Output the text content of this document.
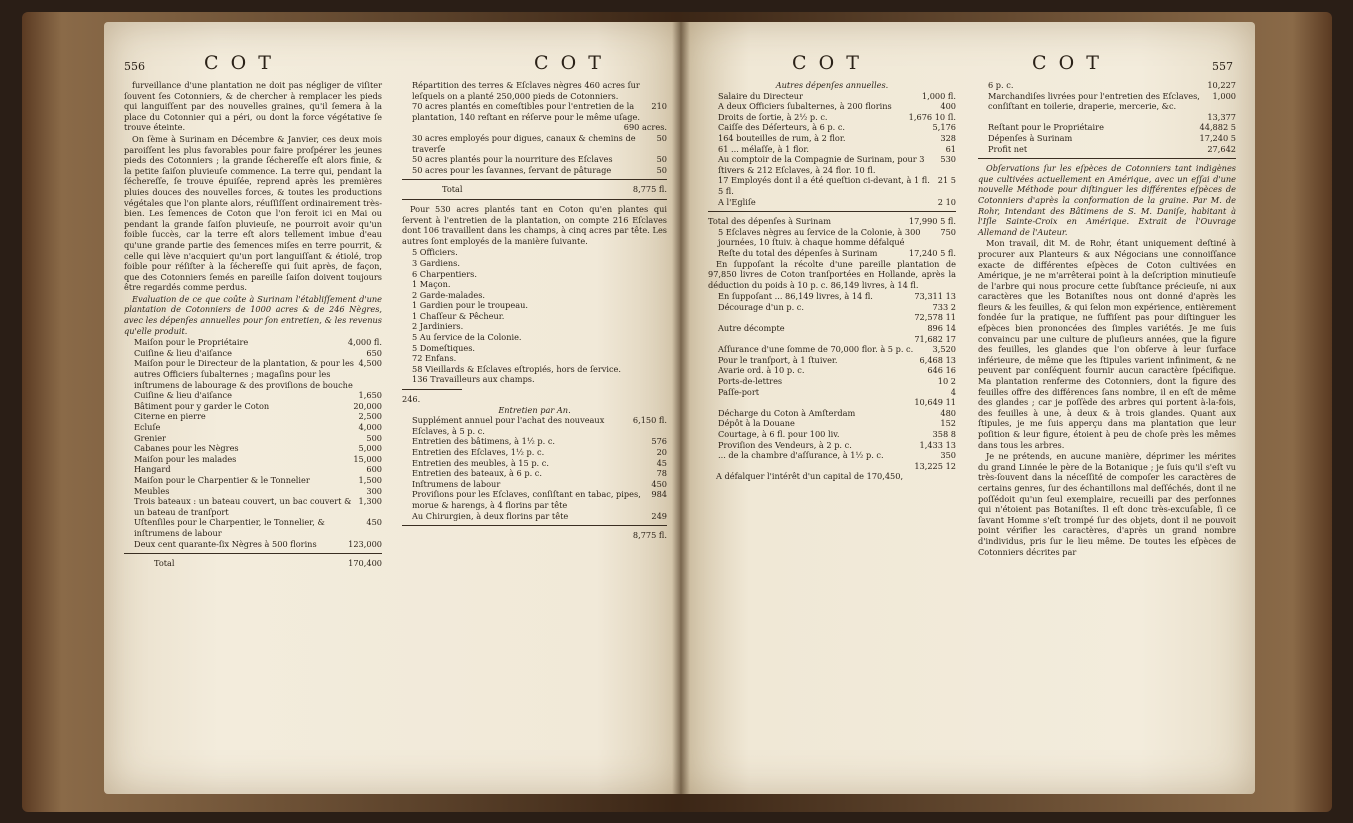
556	C O T	C O T

furveillance d'une plantation ne doit pas négliger de viſiter ſouvent ſes Cotonniers, & de chercher à remplacer les pieds qui languiſſent par des nouvelles graines, qu'il ſemera à la place du Cotonnier qui a péri, ou dont la force végétative ſe trouve éteinte.

On ſème à Surinam en Décembre & Janvier, ces deux mois paroiſſent les plus favorables pour faire proſpérer les jeunes pieds des Cotonniers ; la grande ſéchereſſe eſt alors finie, & la petite ſaiſon pluvieuſe commence. La terre qui, pendant la ſéchereſſe, ſe trouve épuiſée, reprend après les premières pluies douces des nouvelles forces, & toutes les productions végétales que l'on plante alors, réuſſiſſent ordinairement très-bien. Les ſemences de Coton que l'on feroit ici en Mai ou pendant la grande ſaiſon pluvieuſe, ne pourroit avoir qu'un foible ſuccès, car la terre eſt alors tellement imbue d'eau qu'une grande partie des ſemences miſes en terre pourrit, & celle qui lève n'acquiert qu'un port languiſſant & étiolé, trop foible pour réſiſter à la ſéchereſſe qui ſuit après, de façon, que des Cotonniers ſemés en pareille ſaiſon doivent toujours être regardés comme perdus.

Evaluation de ce que coûte à Surinam l'établiſſement d'une plantation de Cotonniers de 1000 acres & de 246 Nègres, avec les dépenſes annuelles pour ſon entretien, & les revenus qu'elle produit.

Maiſon pour le Propriétaire	4,000 fl.
Cuiſine & lieu d'aiſance	650
Maiſon pour le Directeur de la plantation, & pour les autres Officiers ſubalternes ; magaſins pour les inſtrumens de labourage & des proviſions de bouche
4,500
Cuiſine & lieu d'aiſance	1,650
Bâtiment pour y garder le Coton	20,000
Citerne en pierre	2,500
Ecluſe	4,000
Grenier	500
Cabanes pour les Nègres	5,000
Maiſon pour les malades	15,000
Hangard	600
Maiſon pour le Charpentier & le Tonnelier	1,500
Meubles	300
Trois bateaux : un bateau couvert, un bac couvert & un bateau de tranſport
1,300
Uſtenſiles pour le Charpentier, le Tonnelier, & inſtrumens de labour
450
Deux cent quarante-ſix Nègres à 500 florins	123,000
Total	170,400
Répartition des terres & Eſclaves nègres 460 acres ſur leſquels on a planté 250,000 pieds de Cotonniers.
70 acres plantés en comeſtibles pour l'entretien de la plantation, 140 reſtant en réſerve pour le même uſage.
210
690 acres.
30 acres employés pour digues, canaux & chemins de traverſe
50
50 acres plantés pour la nourriture des Eſclaves	50
50 acres pour les ſavannes, ſervant de pâturage	50
Total	8,775 fl.

Pour 530 acres plantés tant en Coton qu'en plantes qui ſervent à l'entretien de la plantation, on compte 216 Eſclaves dont 106 travaillent dans les champs, à cinq acres par tête. Les autres ſont employés de la manière ſuivante.

5 Officiers.
3 Gardiens.
6 Charpentiers.
1 Maçon.
2 Garde-malades.
1 Gardien pour le troupeau.
1 Chaſſeur & Pêcheur.
2 Jardiniers.
5 Au ſervice de la Colonie.
5 Domeſtiques.
72 Enfans.
58 Vieillards & Eſclaves eſtropiés, hors de ſervice.
136 Travailleurs aux champs.
246.
Entretien par An.
Supplément annuel pour l'achat des nouveaux Eſclaves, à 5 p. c.
6,150 fl.
Entretien des bâtimens, à 1½ p. c.	576
Entretien des Eſclaves, 1½ p. c.	20
Entretien des meubles, à 15 p. c.	45
Entretien des bateaux, à 6 p. c.	78
Inſtrumens de labour	450
Proviſions pour les Eſclaves, conſiſtant en tabac, pipes, morue & harengs, à 4 florins par tête
984
Au Chirurgien, à deux florins par tête	249
8,775 fl.
C O T	C O T	557
Autres dépenſes annuelles.
Salaire du Directeur	1,000 fl.
A deux Officiers ſubalternes, à 200 florins	400
Droits de ſortie, à 2½ p. c.	1,676 10 ſl.
Caiſſe des Déſerteurs, à 6 p. c.	5,176
164 bouteilles de rum, à 2 flor.	328
61 ... mélaſſe, à 1 flor.	61
Au comptoir de la Compagnie de Surinam, pour 3 ſtivers & 212 Eſclaves, à 24 flor. 10 fl.
530
17 Employés dont il a été queſtion ci-devant, à 1 fl. 5 fl.
21 5
A l'Egliſe	2 10
Total des dépenſes à Surinam	17,990 5 fl.
5 Eſclaves nègres au ſervice de la Colonie, à 300 journées, 10 ſtuiv. à chaque homme défalqué
750
Reſte du total des dépenſes à Surinam	17,240 5 fl.

En ſuppoſant la récolte d'une pareille plantation de 97,850 livres de Coton tranſportées en Hollande, après la déduction du poids à 10 p. c. 86,149 livres, à 14 fl.

En ſuppoſant ... 86,149 livres, à 14 fl.	73,311 13
Décourage d'un p. c.	733 2
72,578 11
Autre décompte	896 14
71,682 17
Aſſurance d'une ſomme de 70,000 flor. à 5 p. c.	3,520
Pour le tranſport, à 1 ſtuiver.	6,468 13
Avarie ord. à 10 p. c.	646 16
Ports-de-lettres	10 2
Paſſe-port	4
10,649 11
Décharge du Coton à Amſterdam	480
Dépôt à la Douane	152
Courtage, à 6 fl. pour 100 liv.	358 8
Proviſion des Vendeurs, à 2 p. c.	1,433 13
... de la chambre d'aſſurance, à 1½ p. c.	350
13,225 12

A défalquer l'intérêt d'un capital de 170,450,

6 p. c.	10,227
Marchandiſes livrées pour l'entretien des Eſclaves, conſiſtant en toilerie, draperie, mercerie, &c.
1,000
13,377
Reſtant pour le Propriétaire	44,882 5
Dépenſes à Surinam	17,240 5
Profit net	27,642

Obſervations ſur les eſpèces de Cotonniers tant indigènes que cultivées actuellement en Amérique, avec un eſſai d'une nouvelle Méthode pour diſtinguer les différentes eſpèces de Cotonniers d'après la conformation de la graine. Par M. de Rohr, Intendant des Bâtimens de S. M. Daniſe, habitant à l'Iſle Sainte-Croix en Amérique. Extrait de l'Ouvrage Allemand de l'Auteur.

Mon travail, dit M. de Rohr, étant uniquement deſtiné à procurer aux Planteurs & aux Négocians une connoiſſance exacte de différentes eſpèces de Coton cultivées en Amérique, je ne m'arrêterai point à la deſcription minutieuſe de l'arbre qui nous procure cette ſubſtance précieuſe, ni aux caractères que les Botaniſtes nous ont donné d'après les fleurs & les feuilles, & qui ſelon mon expérience, entièrement fondée ſur la pratique, ne ſuffiſent pas pour diſtinguer les eſpèces bien prononcées des ſimples variétés. Je me ſuis convaincu par une culture de pluſieurs années, que la figure des feuilles, les glandes que l'on obſerve à leur ſurface inférieure, de même que les ſtipules varient infiniment, & ne peuvent par conſéquent fournir aucun caractère ſpécifique. Ma plantation renferme des Cotonniers, dont la figure des feuilles offre des différences ſans nombre, il en eſt de même des glandes ; car je poſſède des arbres qui portent à-la-fois, des feuilles à une, à deux & à trois glandes. Quant aux ſtipules, je me ſuis apperçu dans ma plantation que leur poſition & leur figure, étoient à peu de choſe près les mêmes dans tous les arbres.

Je ne prétends, en aucune manière, déprimer les mérites du grand Linnée le père de la Botanique ; je ſuis qu'il s'eſt vu très-ſouvent dans la néceſſité de compoſer les caractères de certains genres, ſur des échantillons mal deſſéchés, dont il ne poſſédoit qu'un ſeul exemplaire, recueilli par des perſonnes qui n'étoient pas Botaniſtes. Il eſt donc très-excuſable, ſi ce ſavant Homme s'eſt trompé ſur des objets, dont il ne pouvoit point vérifier les caractères, d'après un grand nombre d'individus, pris ſur le lieu même. De toutes les eſpèces de Cotonniers décrites par
